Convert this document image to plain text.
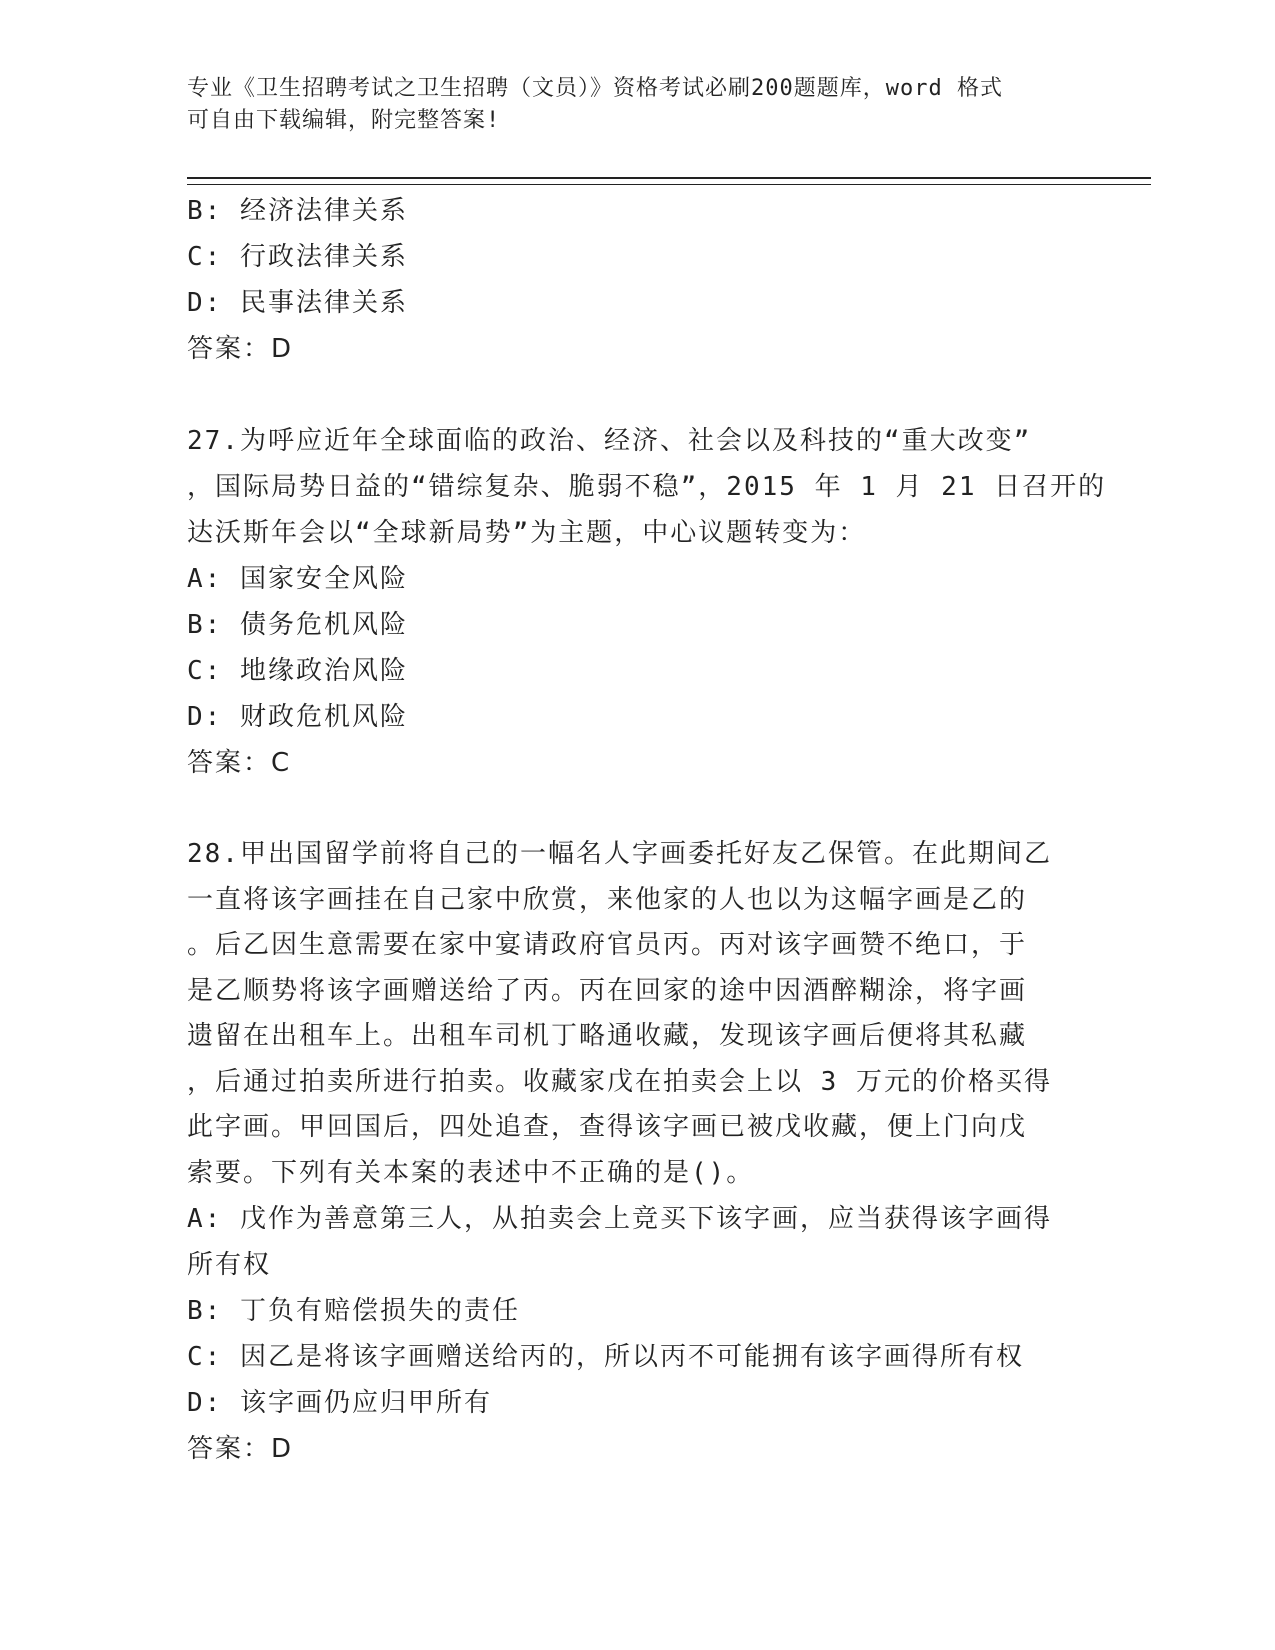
专业《卫生招聘考试之卫生招聘（文员）》资格考试必刷200题题库，word 格式
可自由下载编辑，附完整答案!
B: 经济法律关系
C: 行政法律关系
D: 民事法律关系
答案：D
27.为呼应近年全球面临的政治、经济、社会以及科技的“重大改变”
，国际局势日益的“错综复杂、脆弱不稳”，2015 年 1 月 21 日召开的
达沃斯年会以“全球新局势”为主题，中心议题转变为：
A: 国家安全风险
B: 债务危机风险
C: 地缘政治风险
D: 财政危机风险
答案：C
28.甲出国留学前将自己的一幅名人字画委托好友乙保管。在此期间乙
一直将该字画挂在自己家中欣赏，来他家的人也以为这幅字画是乙的
。后乙因生意需要在家中宴请政府官员丙。丙对该字画赞不绝口，于
是乙顺势将该字画赠送给了丙。丙在回家的途中因酒醉糊涂，将字画
遗留在出租车上。出租车司机丁略通收藏，发现该字画后便将其私藏
，后通过拍卖所进行拍卖。收藏家戊在拍卖会上以 3 万元的价格买得
此字画。甲回国后，四处追查，查得该字画已被戊收藏，便上门向戊
索要。下列有关本案的表述中不正确的是()。
A: 戊作为善意第三人，从拍卖会上竞买下该字画，应当获得该字画得
所有权
B: 丁负有赔偿损失的责任
C: 因乙是将该字画赠送给丙的，所以丙不可能拥有该字画得所有权
D: 该字画仍应归甲所有
答案：D
